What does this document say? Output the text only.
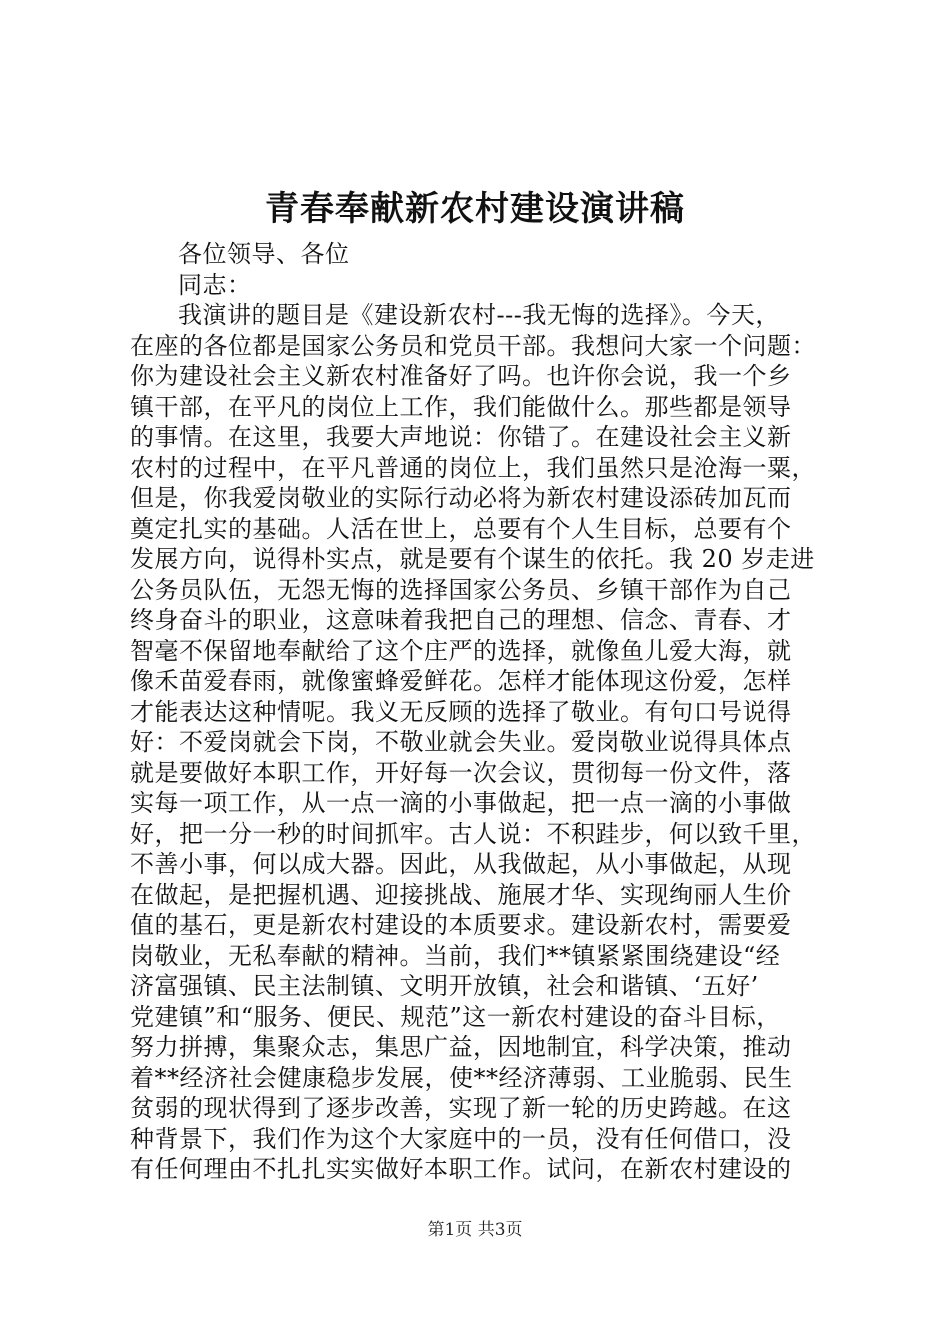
青春奉献新农村建设演讲稿
各位领导、各位
同志：
我演讲的题目是《建设新农村---我无悔的选择》。今天，
在座的各位都是国家公务员和党员干部。我想问大家一个问题：
你为建设社会主义新农村准备好了吗。也许你会说，我一个乡
镇干部，在平凡的岗位上工作，我们能做什么。那些都是领导
的事情。在这里，我要大声地说：你错了。在建设社会主义新
农村的过程中，在平凡普通的岗位上，我们虽然只是沧海一粟，
但是，你我爱岗敬业的实际行动必将为新农村建设添砖加瓦而
奠定扎实的基础。人活在世上，总要有个人生目标，总要有个
发展方向，说得朴实点，就是要有个谋生的依托。我 20 岁走进
公务员队伍，无怨无悔的选择国家公务员、乡镇干部作为自己
终身奋斗的职业，这意味着我把自己的理想、信念、青春、才
智毫不保留地奉献给了这个庄严的选择，就像鱼儿爱大海，就
像禾苗爱春雨，就像蜜蜂爱鲜花。怎样才能体现这份爱，怎样
才能表达这种情呢。我义无反顾的选择了敬业。有句口号说得
好：不爱岗就会下岗，不敬业就会失业。爱岗敬业说得具体点
就是要做好本职工作，开好每一次会议，贯彻每一份文件，落
实每一项工作，从一点一滴的小事做起，把一点一滴的小事做
好，把一分一秒的时间抓牢。古人说：不积跬步，何以致千里，
不善小事，何以成大器。因此，从我做起，从小事做起，从现
在做起，是把握机遇、迎接挑战、施展才华、实现绚丽人生价
值的基石，更是新农村建设的本质要求。建设新农村，需要爱
岗敬业，无私奉献的精神。当前，我们**镇紧紧围绕建设“经
济富强镇、民主法制镇、文明开放镇，社会和谐镇、‘五好’
党建镇”和“服务、便民、规范”这一新农村建设的奋斗目标，
努力拼搏，集聚众志，集思广益，因地制宜，科学决策，推动
着**经济社会健康稳步发展，使**经济薄弱、工业脆弱、民生
贫弱的现状得到了逐步改善，实现了新一轮的历史跨越。在这
种背景下，我们作为这个大家庭中的一员，没有任何借口，没
有任何理由不扎扎实实做好本职工作。试问，在新农村建设的
第1页 共3页
